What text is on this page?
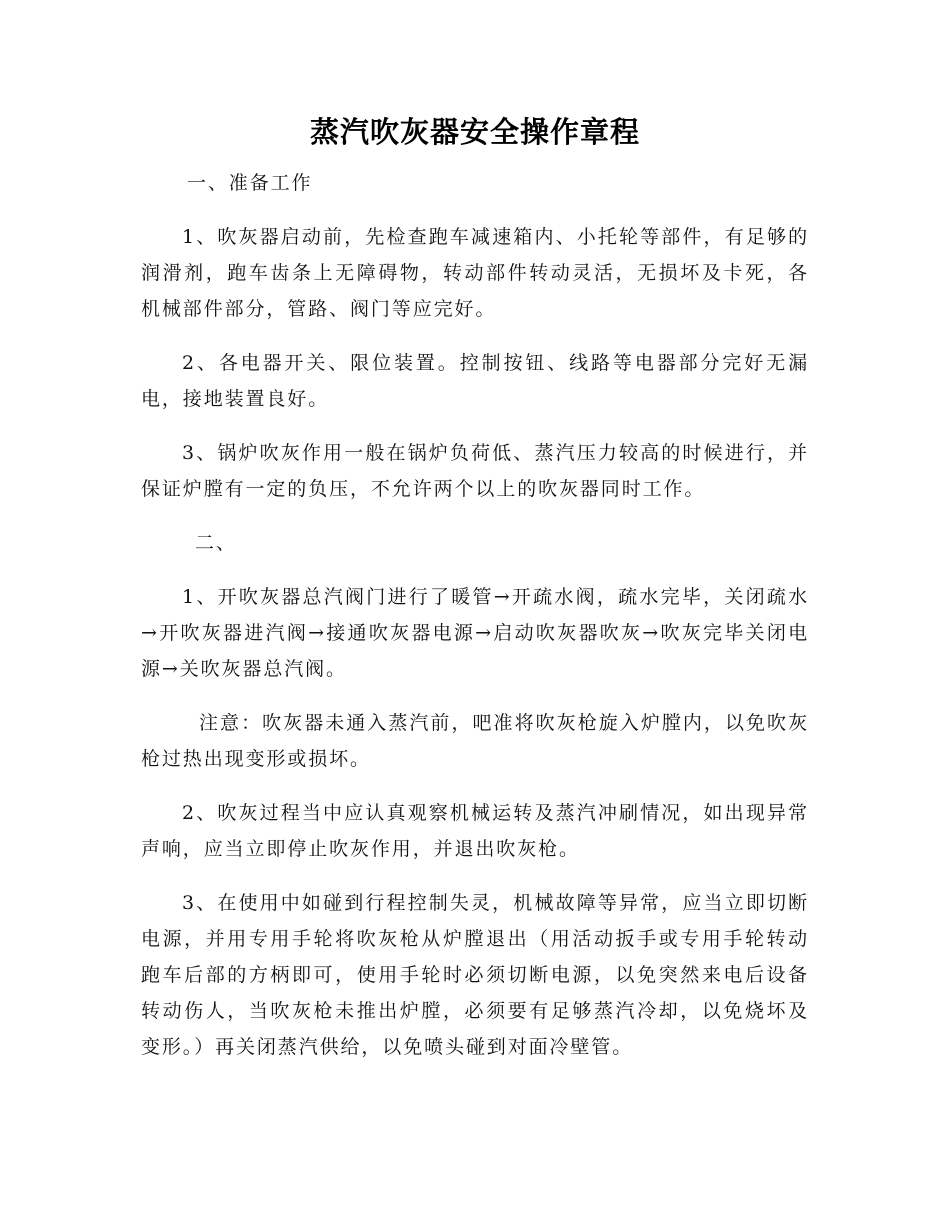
蒸汽吹灰器安全操作章程
一、准备工作

1、吹灰器启动前，先检查跑车减速箱内、小托轮等部件，有足够的润滑剂，跑车齿条上无障碍物，转动部件转动灵活，无损坏及卡死，各机械部件部分，管路、阀门等应完好。

2、各电器开关、限位装置。控制按钮、线路等电器部分完好无漏电，接地装置良好。

3、锅炉吹灰作用一般在锅炉负荷低、蒸汽压力较高的时候进行，并保证炉膛有一定的负压，不允许两个以上的吹灰器同时工作。

二、

1、开吹灰器总汽阀门进行了暖管→开疏水阀，疏水完毕，关闭疏水→开吹灰器进汽阀→接通吹灰器电源→启动吹灰器吹灰→吹灰完毕关闭电源→关吹灰器总汽阀。

注意：吹灰器未通入蒸汽前，吧准将吹灰枪旋入炉膛内，以免吹灰枪过热出现变形或损坏。

2、吹灰过程当中应认真观察机械运转及蒸汽冲刷情况，如出现异常声响，应当立即停止吹灰作用，并退出吹灰枪。

3、在使用中如碰到行程控制失灵，机械故障等异常，应当立即切断电源，并用专用手轮将吹灰枪从炉膛退出（用活动扳手或专用手轮转动跑车后部的方柄即可，使用手轮时必须切断电源，以免突然来电后设备转动伤人，当吹灰枪未推出炉膛，必须要有足够蒸汽冷却，以免烧坏及变形。）再关闭蒸汽供给，以免喷头碰到对面冷壁管。
